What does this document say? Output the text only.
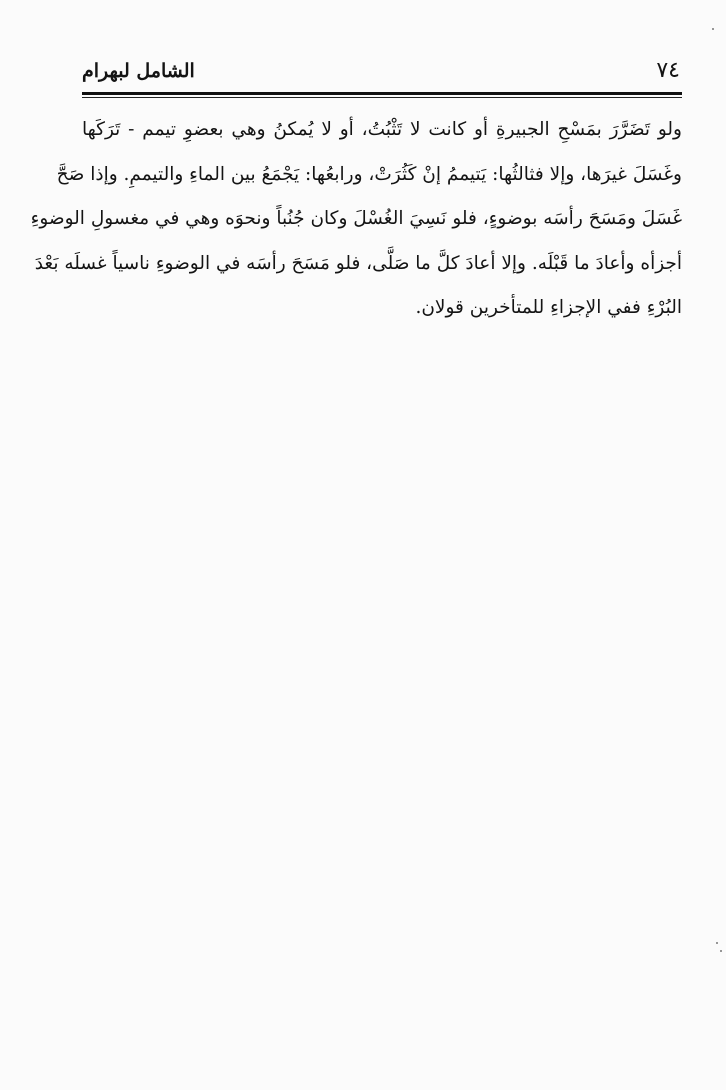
٧٤
الشامل لبهرام
ولو تَضَرَّرَ بمَسْحِ الجبيرةِ أو كانت لا تَثْبُتُ، أو لا يُمكنُ وهي بعضوِ تيمم - تَرَكَها
وغَسَلَ غيرَها، وإلا فثالثُها: يَتيممُ إنْ كَثُرَتْ، ورابعُها: يَجْمَعُ بين الماءِ والتيممِ. وإذا صَحَّ
غَسَلَ ومَسَحَ رأسَه بوضوءٍ، فلو نَسِيَ الغُسْلَ وكان جُنُباً ونحوَه وهي في مغسولِ الوضوءِ
أجزأه وأعادَ ما قَبْلَه. وإلا أعادَ كلَّ ما صَلَّى، فلو مَسَحَ رأسَه في الوضوءِ ناسياً غسلَه بَعْدَ
البُرْءِ ففي الإجزاءِ للمتأخرين قولان.
